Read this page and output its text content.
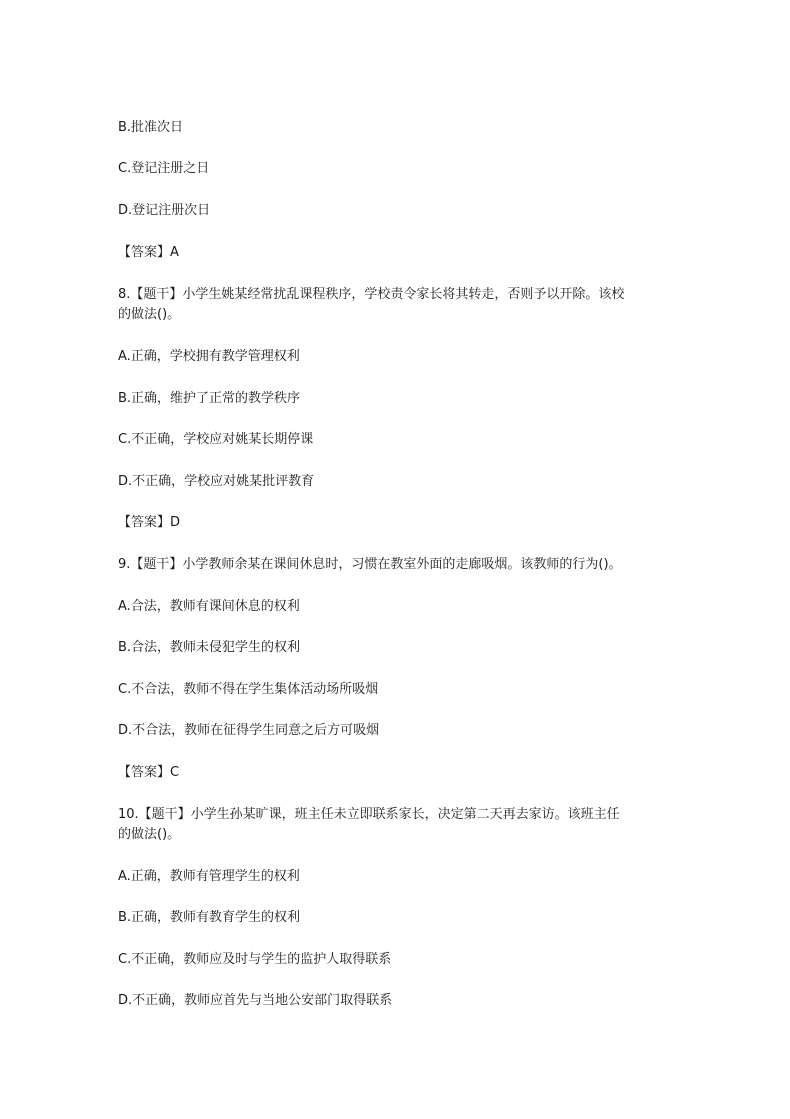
B.批准次日
C.登记注册之日
D.登记注册次日
【答案】A
8.【题干】小学生姚某经常扰乱课程秩序，学校责令家长将其转走，否则予以开除。该校
的做法()。
A.正确，学校拥有教学管理权利
B.正确，维护了正常的教学秩序
C.不正确，学校应对姚某长期停课
D.不正确，学校应对姚某批评教育
【答案】D
9.【题干】小学教师余某在课间休息时，习惯在教室外面的走廊吸烟。该教师的行为()。
A.合法，教师有课间休息的权利
B.合法，教师未侵犯学生的权利
C.不合法，教师不得在学生集体活动场所吸烟
D.不合法，教师在征得学生同意之后方可吸烟
【答案】C
10.【题干】小学生孙某旷课，班主任未立即联系家长，决定第二天再去家访。该班主任
的做法()。
A.正确，教师有管理学生的权利
B.正确，教师有教育学生的权利
C.不正确，教师应及时与学生的监护人取得联系
D.不正确，教师应首先与当地公安部门取得联系
